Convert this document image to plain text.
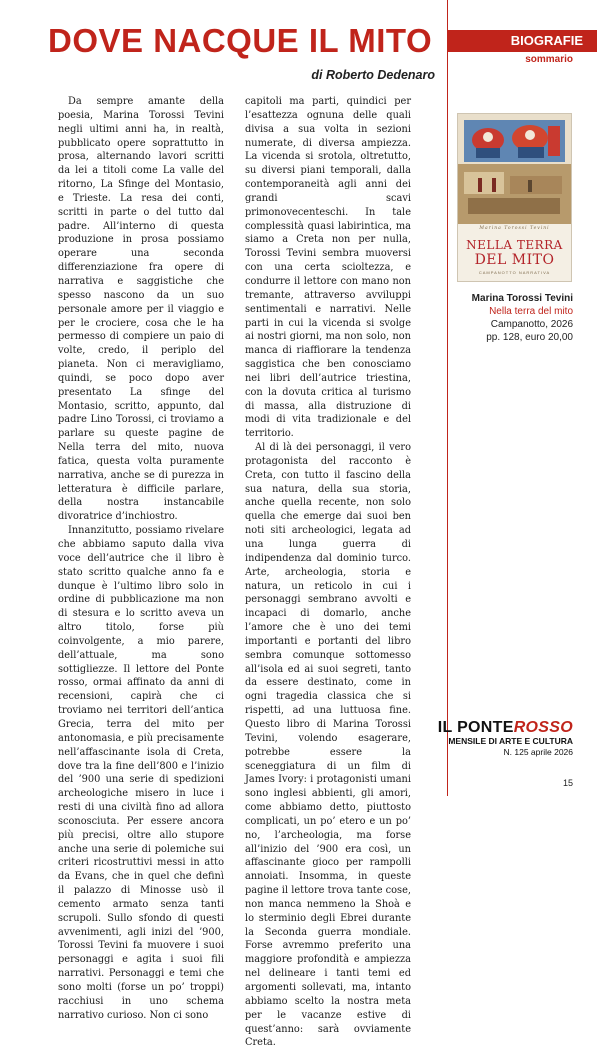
DOVE NACQUE IL MITO
di Roberto Dedenaro
BIOGRAFIE
sommario
Marina Torossi Tevini
NELLA TERRA
DEL MITO
CAMPANOTTO NARRATIVA
Marina Torossi Tevini
Nella terra del mito
Campanotto, 2026
pp. 128, euro 20,00

Da sempre amante della poesia, Marina Torossi Tevini negli ultimi anni ha, in realtà, pubblicato opere soprattutto in prosa, alternando lavori scritti da lei a titoli come La valle del ritorno, La Sfinge del Montasio, e Trieste. La resa dei conti, scritti in parte o del tutto dal padre. All’interno di questa produzione in prosa possiamo operare una seconda differenziazione fra opere di narrativa e saggistiche che spesso nascono da un suo personale amore per il viaggio e per le crociere, cosa che le ha permesso di compiere un paio di volte, credo, il periplo del pianeta. Non ci meravigliamo, quindi, se poco dopo aver presentato La sfinge del Montasio, scritto, appunto, dal padre Lino Torossi, ci troviamo a parlare su queste pagine de Nella terra del mito, nuova fatica, questa volta puramente narrativa, anche se di purezza in letteratura è difficile parlare, della nostra instancabile divoratrice d’inchiostro.

Innanzitutto, possiamo rivelare che abbiamo saputo dalla viva voce dell’autrice che il libro è stato scritto qualche anno fa e dunque è l’ultimo libro solo in ordine di pubblicazione ma non di stesura e lo scritto aveva un altro titolo, forse più coinvolgente, a mio parere, dell’attuale, ma sono sottigliezze. Il lettore del Ponte rosso, ormai affinato da anni di recensioni, capirà che ci troviamo nei territori dell’antica Grecia, terra del mito per antonomasia, e più precisamente nell’affascinante isola di Creta, dove tra la fine dell’800 e l’inizio del ’900 una serie di spedizioni archeologiche misero in luce i resti di una civiltà fino ad allora sconosciuta. Per essere ancora più precisi, oltre allo stupore anche una serie di polemiche sui criteri ricostruttivi messi in atto da Evans, che in quel che definì il palazzo di Minosse usò il cemento armato senza tanti scrupoli. Sullo sfondo di questi avvenimenti, agli inizi del ’900, Torossi Tevini fa muovere i suoi personaggi e agita i suoi fili narrativi. Personaggi e temi che sono molti (forse un po’ troppi) racchiusi in uno schema narrativo curioso. Non ci sono

capitoli ma parti, quindici per l’esattezza ognuna delle quali divisa a sua volta in sezioni numerate, di diversa ampiezza. La vicenda si srotola, oltretutto, su diversi piani temporali, dalla contemporaneità agli anni dei grandi scavi primonovecenteschi. In tale complessità quasi labirintica, ma siamo a Creta non per nulla, Torossi Tevini sembra muoversi con una certa scioltezza, e condurre il lettore con mano non tremante, attraverso avviluppi sentimentali e narrativi. Nelle parti in cui la vicenda si svolge ai nostri giorni, ma non solo, non manca di riaffiorare la tendenza saggistica che ben conosciamo nei libri dell’autrice triestina, con la dovuta critica al turismo di massa, alla distruzione di modi di vita tradizionale e del territorio.

Al di là dei personaggi, il vero protagonista del racconto è Creta, con tutto il fascino della sua natura, della sua storia, anche quella recente, non solo quella che emerge dai suoi ben noti siti archeologici, legata ad una lunga guerra di indipendenza dal dominio turco. Arte, archeologia, storia e natura, un reticolo in cui i personaggi sembrano avvolti e incapaci di domarlo, anche l’amore che è uno dei temi importanti e portanti del libro sembra comunque sottomesso all’isola ed ai suoi segreti, tanto da essere destinato, come in ogni tragedia classica che si rispetti, ad una luttuosa fine. Questo libro di Marina Torossi Tevini, volendo esagerare, potrebbe essere la sceneggiatura di un film di James Ivory: i protagonisti umani sono inglesi abbienti, gli amori, come abbiamo detto, piuttosto complicati, un po’ etero e un po’ no, l’archeologia, ma forse all’inizio del ’900 era così, un affascinante gioco per rampolli annoiati. Insomma, in queste pagine il lettore trova tante cose, non manca nemmeno la Shoà e lo sterminio degli Ebrei durante la Seconda guerra mondiale. Forse avremmo preferito una maggiore profondità e ampiezza nel delineare i tanti temi ed argomenti sollevati, ma, intanto abbiamo scelto la nostra meta per le vacanze estive di quest’anno: sarà ovviamente Creta.

IL PONTEROSSO
MENSILE DI ARTE E CULTURA
N. 125 aprile 2026
15
